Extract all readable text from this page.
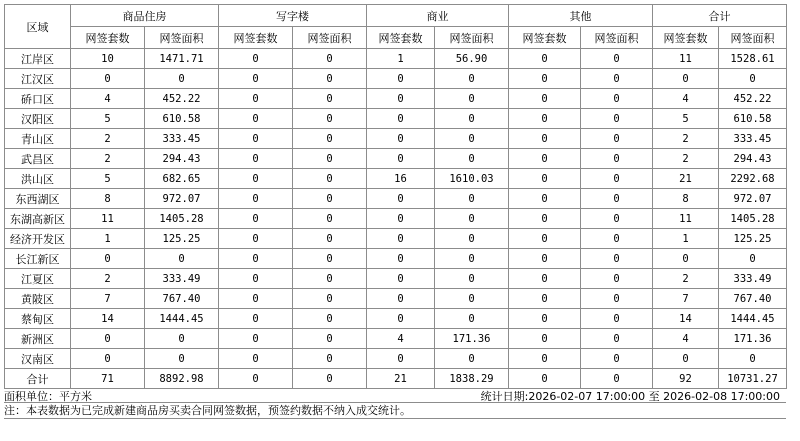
区域	商品住房		写字楼		商业		其他		合计	
	网签套数	网签面积	网签套数	网签面积	网签套数	网签面积	网签套数	网签面积	网签套数	网签面积
江岸区	10	1471.71	0	0	1	56.90	0	0	11	1528.61
江汉区	0	0	0	0	0	0	0	0	0	0
硚口区	4	452.22	0	0	0	0	0	0	4	452.22
汉阳区	5	610.58	0	0	0	0	0	0	5	610.58
青山区	2	333.45	0	0	0	0	0	0	2	333.45
武昌区	2	294.43	0	0	0	0	0	0	2	294.43
洪山区	5	682.65	0	0	16	1610.03	0	0	21	2292.68
东西湖区	8	972.07	0	0	0	0	0	0	8	972.07
东湖高新区	11	1405.28	0	0	0	0	0	0	11	1405.28
经济开发区	1	125.25	0	0	0	0	0	0	1	125.25
长江新区	0	0	0	0	0	0	0	0	0	0
江夏区	2	333.49	0	0	0	0	0	0	2	333.49
黄陂区	7	767.40	0	0	0	0	0	0	7	767.40
蔡甸区	14	1444.45	0	0	0	0	0	0	14	1444.45
新洲区	0	0	0	0	4	171.36	0	0	4	171.36
汉南区	0	0	0	0	0	0	0	0	0	0
合计	71	8892.98	0	0	21	1838.29	0	0	92	10731.27
面积单位：平方米	统计日期:2026-02-07 17:00:00 至 2026-02-08 17:00:00
注：本表数据为已完成新建商品房买卖合同网签数据，预签约数据不纳入成交统计。
